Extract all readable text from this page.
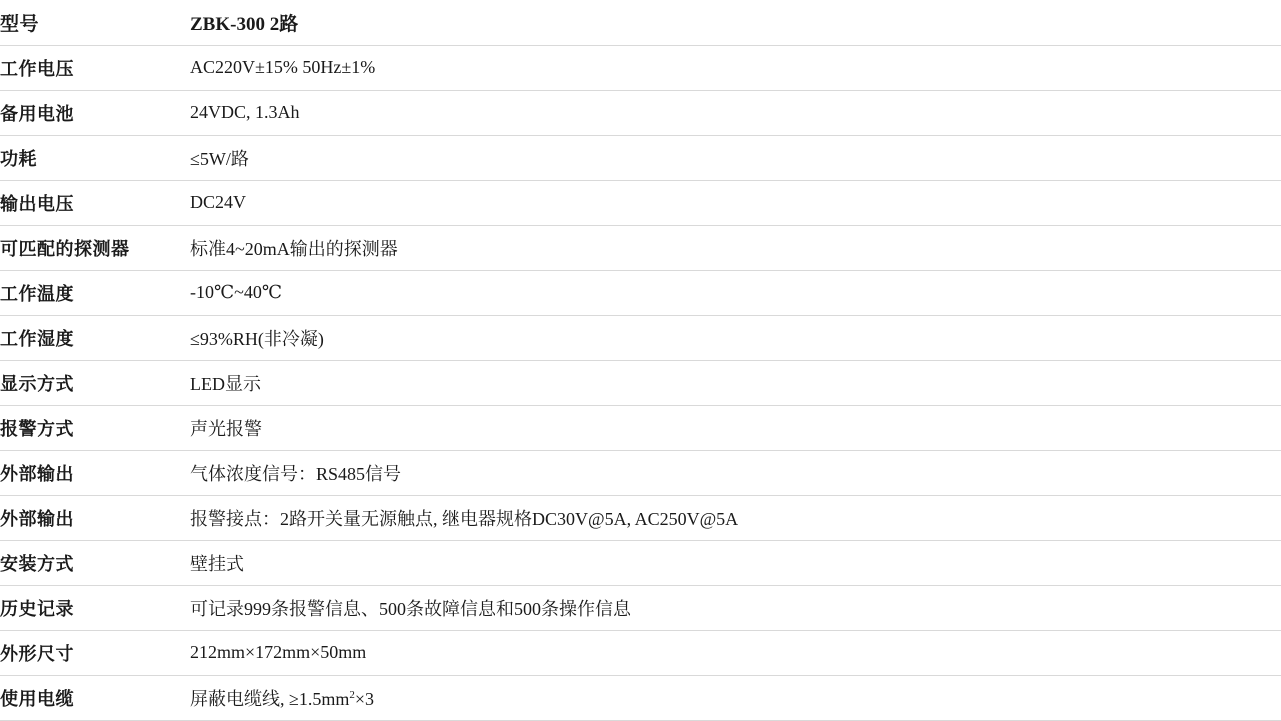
型号	ZBK-300 2路
工作电压	AC220V±15% 50Hz±1%
备用电池	24VDC, 1.3Ah
功耗	≤5W/路
输出电压	DC24V
可匹配的探测器	标准4~20mA输出的探测器
工作温度	-10℃~40℃
工作湿度	≤93%RH(非冷凝)
显示方式	LED显示
报警方式	声光报警
外部输出	气体浓度信号：RS485信号
外部输出	报警接点：2路开关量无源触点, 继电器规格DC30V@5A, AC250V@5A
安装方式	壁挂式
历史记录	可记录999条报警信息、500条故障信息和500条操作信息
外形尺寸	212mm×172mm×50mm
使用电缆	屏蔽电缆线, $\ge 1.5mm^2\times 3$
